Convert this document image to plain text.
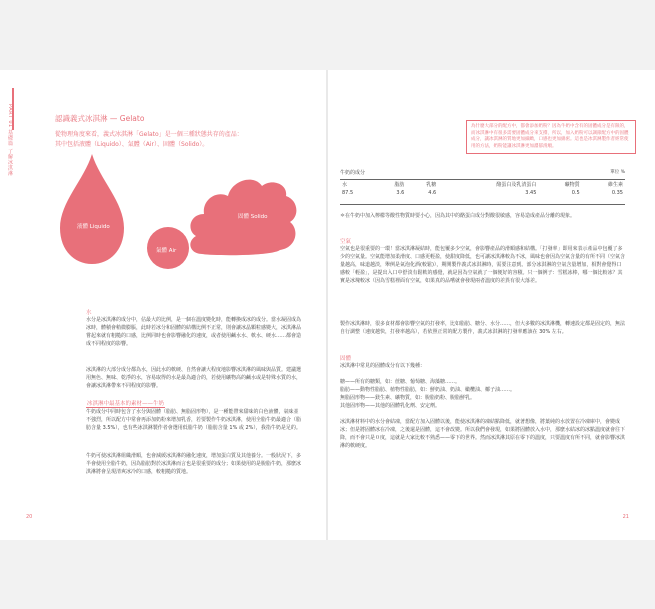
PART 01 基礎篇 了解冰淇淋	認識義式冰淇淋 — Gelato
從物理角度來看，義式冰淇淋「Gelato」是一個三種狀態共存的產品：
其中包括液體（Liquido）、氣體（Air）、固體（Solido）。
液體 Liquido
氣體 Air
固體 Solido
水
水分是冰淇淋的成分中，佔最大的比例，是一個在溫度變化時，能轉換成冰的成分。當水凝固成為冰時，體積會稍微膨脹，此時若冰分和固體的結構比例不正常，則會讓冰晶顆粒感變大，冰淇淋品嘗起來就有粗糙的口感，比例同時也會影響融化的速度，或者使用鹹水水、軟水、硬水……都會造成不同程度的影響。
冰淇淋的大部分成分都為水，因此水的軟硬、自然會讓大程度地影響冰淇淋的風味與品質。建議選用無色、無味、乾淨的水，容易取得的水是最為適合的，若使用礦物高的鹹水或是特殊水質的水，會讓冰淇淋帶來不同程度的影響。
冰淇淋中最基本的素材——牛奶
牛奶成分中同時包含了水分與固體（脂肪、無脂固形物），是一種能帶來甜味的白色液體，氣味並不強烈，所以配方中常會再添加奶粉來增加乳香，若要製作牛奶冰淇淋，使用全脂牛奶最適合（脂肪含量 3.5%），也有些冰淇淋製作者會選用低脂牛奶（脂肪含量 1% 或 2%），我指牛奶是足的。
牛奶可使冰淇淋組織滑順，也會減緩冰淇淋的融化速度，增加蛋白質及其他養分。一般狀況下，多半會使用全脂牛奶，因為脂肪對於冰淇淋而言也是很重要的成分；如果使用的是脫脂牛奶，那麼冰淇淋將會呈現清爽冰冷的口感，較粗糙的質地。
20
為什麼大部分的配方中，都會添加奶粉？因為牛奶中含有的固體成分是有限的，而冰淇淋中有很多需要固體成分來支撐，所以，加入奶粉可以調節配方中的固體成分，讓冰淇淋的質地更加細緻，口感也更加綿密。這也是冰淇淋製作者經常使用的方法，奶粉能讓冰淇淋更加濃郁滑順。
牛奶的成分	單位 %
水	脂肪	乳糖	酪蛋白及乳清蛋白	礦物質	維生素
87.5	3.6	4.6	3.45	0.5	0.35
＊在牛奶中加入檸檬等酸性物質時要小心，因為其中的酪蛋白成分對酸很敏感，容易造成產品分離的現象。
空氣
空氣也是很重要的一環！當冰淇淋凝結時，能包覆多少空氣，會影響產品的滑順感和結構。「打發率」即用來表示產品中包覆了多少的空氣量。空氣能增加柔滑度、口感更輕盈，使甜度降低，也可讓冰淇淋較為不冰，風味也會因為空氣含量的有所不同（空氣含量越高，味道越淡，舉例是氣泡化酒(較鬆)），期開製作義式冰淇淋時，需要注意到。部分冰淇淋的空氣含量增加，相對會覺得口感較「輕盈」，是提出入口中舒淡有鬆軟的感覺，就是因為空氣就了一個便好的容積。只一個例子：雪糕冰棒，哪一個比較冰？其實是冰塊較冰（因為雪糕裡面有空氣，如果真的品嚐就會發現兩者溫度的差異有很大落差。
製作冰淇淋時，很多食材都會影響空氣的打發率，比如脂肪、糖分、水分……，但大多數的冰淇淋機，轉速設定都是固定的，無法自行調整（速度越快，打發率越高），若依照正常的配方製作，義式冰淇淋的打發率應該在 30% 左右。
固體
冰淇淋中常見的固體成分有以下幾種：
糖——所有的糖類，如：蔗糖、葡萄糖、海藻糖……。
脂肪——動物性脂肪、植物性脂肪，如：鮮奶油、奶油、橄欖油、椰子油……。
無脂固形物——鎂生素、礦物質，如：脫脂奶粉、脫脂鮮乳。
其他固形物——其他的固體乳化劑、安定劑。
冰淇淋材料中的水分會結凍，當配方加入固體以後，能使冰淇淋的凍結點降低，就著想像，將葉純的水放置在冷凍庫中，會變成冰；但是將固體冰在冷凍，之後還是固體，這不會改變。所以我們會發現，如果將固體放入水中，那麼水結冰的冰點溫度就會往下降，而不會只是０度，這就是大家比較不熟悉——零下的世界。然而冰淇淋其原在零下的溫度，只要溫度有所不同，就會影響冰淇淋的軟硬度。
21
